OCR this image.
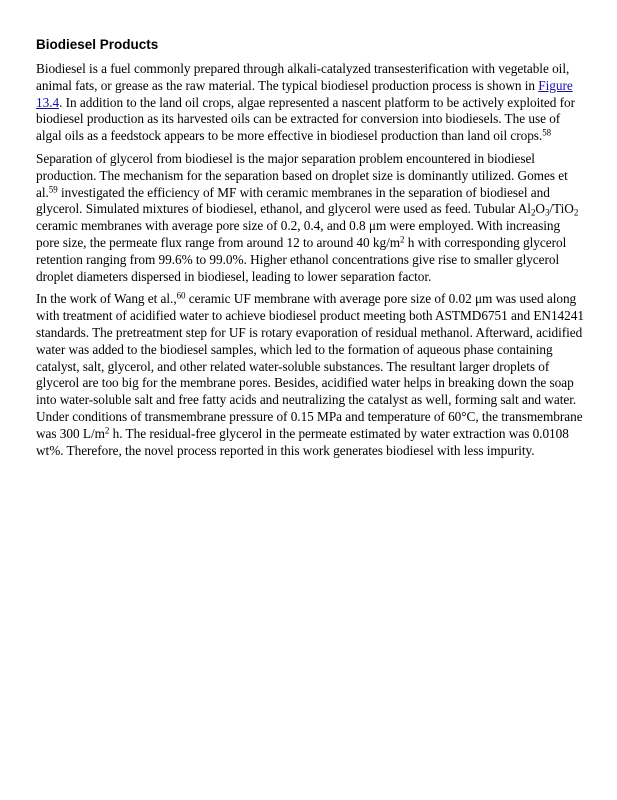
Biodiesel Products

Biodiesel is a fuel commonly prepared through alkali-catalyzed transesterification with vegetable oil, animal fats, or grease as the raw material. The typical biodiesel production process is shown in Figure 13.4. In addition to the land oil crops, algae represented a nascent platform to be actively exploited for biodiesel production as its harvested oils can be extracted for conversion into biodiesels. The use of algal oils as a feedstock appears to be more effective in biodiesel production than land oil crops.$^{58}$

Separation of glycerol from biodiesel is the major separation problem encountered in biodiesel production. The mechanism for the separation based on droplet size is dominantly utilized. Gomes et al.$^{59}$ investigated the efficiency of MF with ceramic membranes in the separation of biodiesel and glycerol. Simulated mixtures of biodiesel, ethanol, and glycerol were used as feed. Tubular $Al_2O_3/TiO_2$ ceramic membranes with average pore size of 0.2, 0.4, and 0.8 μm were employed. With increasing pore size, the permeate flux range from around 12 to around 40 $kg/m^2$ h with corresponding glycerol retention ranging from 99.6% to 99.0%. Higher ethanol concentrations give rise to smaller glycerol droplet diameters dispersed in biodiesel, leading to lower separation factor.

In the work of Wang et al.,$^{60}$ ceramic UF membrane with average pore size of 0.02 μm was used along with treatment of acidified water to achieve biodiesel product meeting both ASTMD6751 and EN14241 standards. The pretreatment step for UF is rotary evaporation of residual methanol. Afterward, acidified water was added to the biodiesel samples, which led to the formation of aqueous phase containing catalyst, salt, glycerol, and other related water-soluble substances. The resultant larger droplets of glycerol are too big for the membrane pores. Besides, acidified water helps in breaking down the soap into water-soluble salt and free fatty acids and neutralizing the catalyst as well, forming salt and water. Under conditions of transmembrane pressure of 0.15 MPa and temperature of 60°C, the transmembrane was 300 $L/m^2$ h. The residual-free glycerol in the permeate estimated by water extraction was 0.0108 wt%. Therefore, the novel process reported in this work generates biodiesel with less impurity.
